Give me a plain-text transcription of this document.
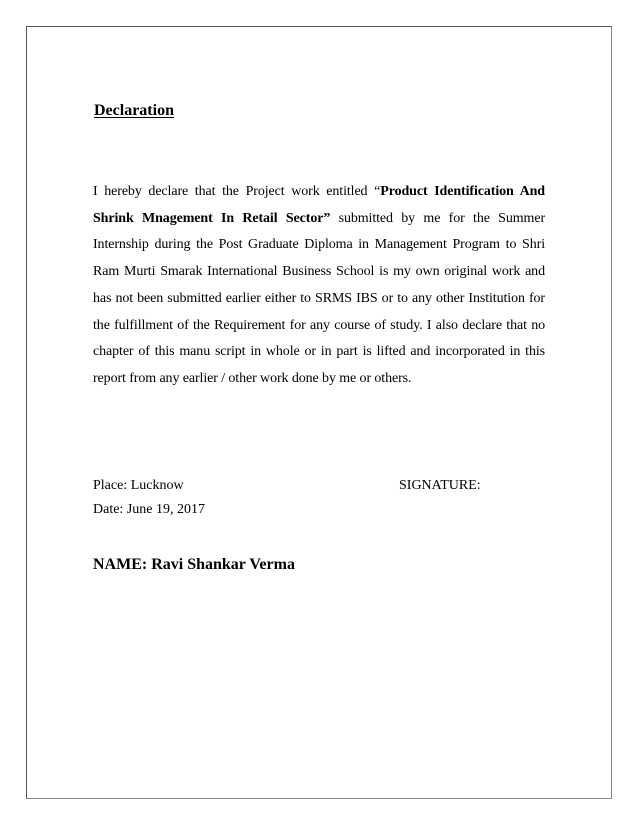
Declaration

I hereby declare that the Project work entitled “Product Identification And Shrink Mnagement In Retail Sector” submitted by me for the Summer Internship during the Post Graduate Diploma in Management Program to Shri Ram Murti Smarak International Business School is my own original work and has not been submitted earlier either to SRMS IBS or to any other Institution for the fulfillment of the Requirement for any course of study. I also declare that no chapter of this manu script in whole or in part is lifted and incorporated in this report from any earlier / other work done by me or others.

Place: Lucknow	SIGNATURE:

Date: June 19, 2017

NAME: Ravi Shankar Verma
